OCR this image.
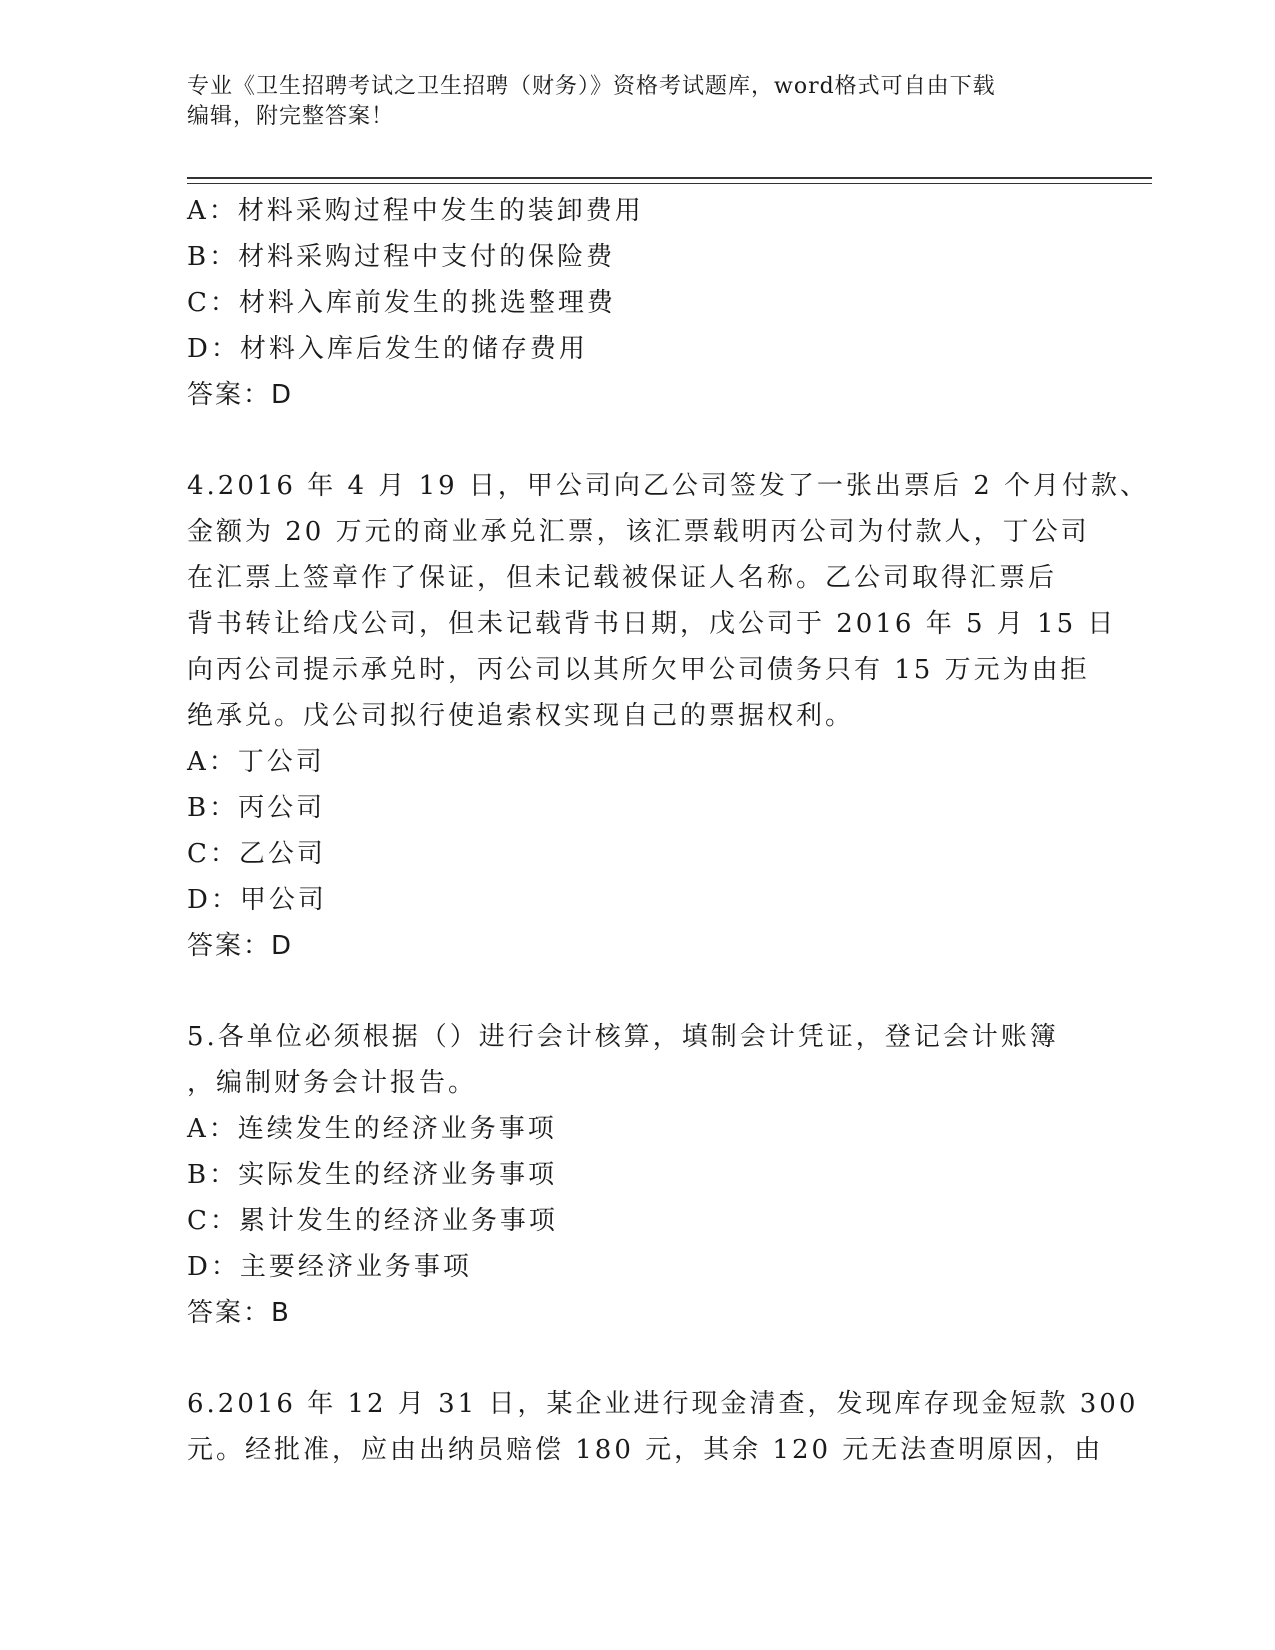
专业《卫生招聘考试之卫生招聘（财务）》资格考试题库，word格式可自由下载
编辑，附完整答案！
A：材料采购过程中发生的装卸费用
B：材料采购过程中支付的保险费
C：材料入库前发生的挑选整理费
D：材料入库后发生的储存费用
答案：D
4.2016 年 4 月 19 日，甲公司向乙公司签发了一张出票后 2 个月付款、
金额为 20 万元的商业承兑汇票，该汇票载明丙公司为付款人，丁公司
在汇票上签章作了保证，但未记载被保证人名称。乙公司取得汇票后
背书转让给戊公司，但未记载背书日期，戊公司于 2016 年 5 月 15 日
向丙公司提示承兑时，丙公司以其所欠甲公司债务只有 15 万元为由拒
绝承兑。戊公司拟行使追索权实现自己的票据权利。
A：丁公司
B：丙公司
C：乙公司
D：甲公司
答案：D
5.各单位必须根据（）进行会计核算，填制会计凭证，登记会计账簿
，编制财务会计报告。
A：连续发生的经济业务事项
B：实际发生的经济业务事项
C：累计发生的经济业务事项
D：主要经济业务事项
答案：B
6.2016 年 12 月 31 日，某企业进行现金清查，发现库存现金短款 300
元。经批准，应由出纳员赔偿 180 元，其余 120 元无法查明原因，由
